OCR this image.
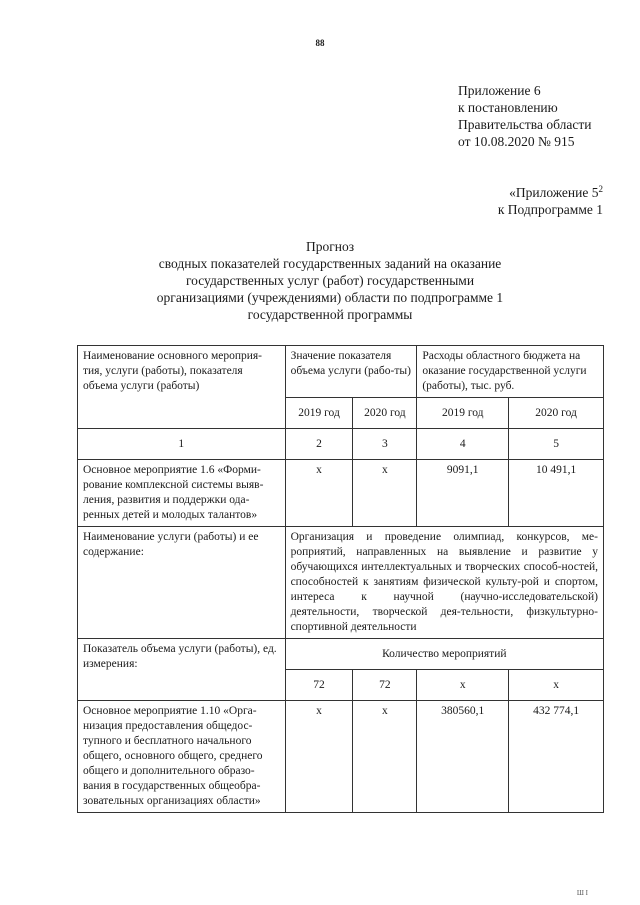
88
Приложение 6
к постановлению
Правительства области
от 10.08.2020 № 915
«Приложение $5^2$
к Подпрограмме 1
Прогноз
сводных показателей государственных заданий на оказание
государственных услуг (работ) государственными
организациями (учреждениями) области по подпрограмме 1
государственной программы
Наименование основного мероприя-тия, услуги (работы), показателя объема услуги (работы)	Значение показателя объема услуги (рабо-ты)		Расходы областного бюджета на оказание государственной услуги (работы), тыс. руб.	
	2019 год	2020 год	2019 год	2020 год
1	2	3	4	5
Основное мероприятие 1.6 «Форми-рование комплексной системы выяв-ления, развития и поддержки ода-ренных детей и молодых талантов»	х	х	9091,1	10 491,1
Наименование услуги (работы) и ее содержание:	Организация и проведение олимпиад, конкурсов, ме-роприятий, направленных на выявление и развитие у обучающихся интеллектуальных и творческих способ-ностей, способностей к занятиям физической культу-рой и спортом, интереса к научной (научно-исследовательской) деятельности, творческой дея-тельности, физкультурно-спортивной деятельности			
Показатель объема услуги (работы), ед. измерения:	Количество мероприятий			
	72	72	х	х
Основное мероприятие 1.10 «Орга-низация предоставления общедос-тупного и бесплатного начального общего, основного общего, среднего общего и дополнительного образо-вания в государственных общеобра-зовательных организациях области»	х	х	380560,1	432 774,1
Ш I
